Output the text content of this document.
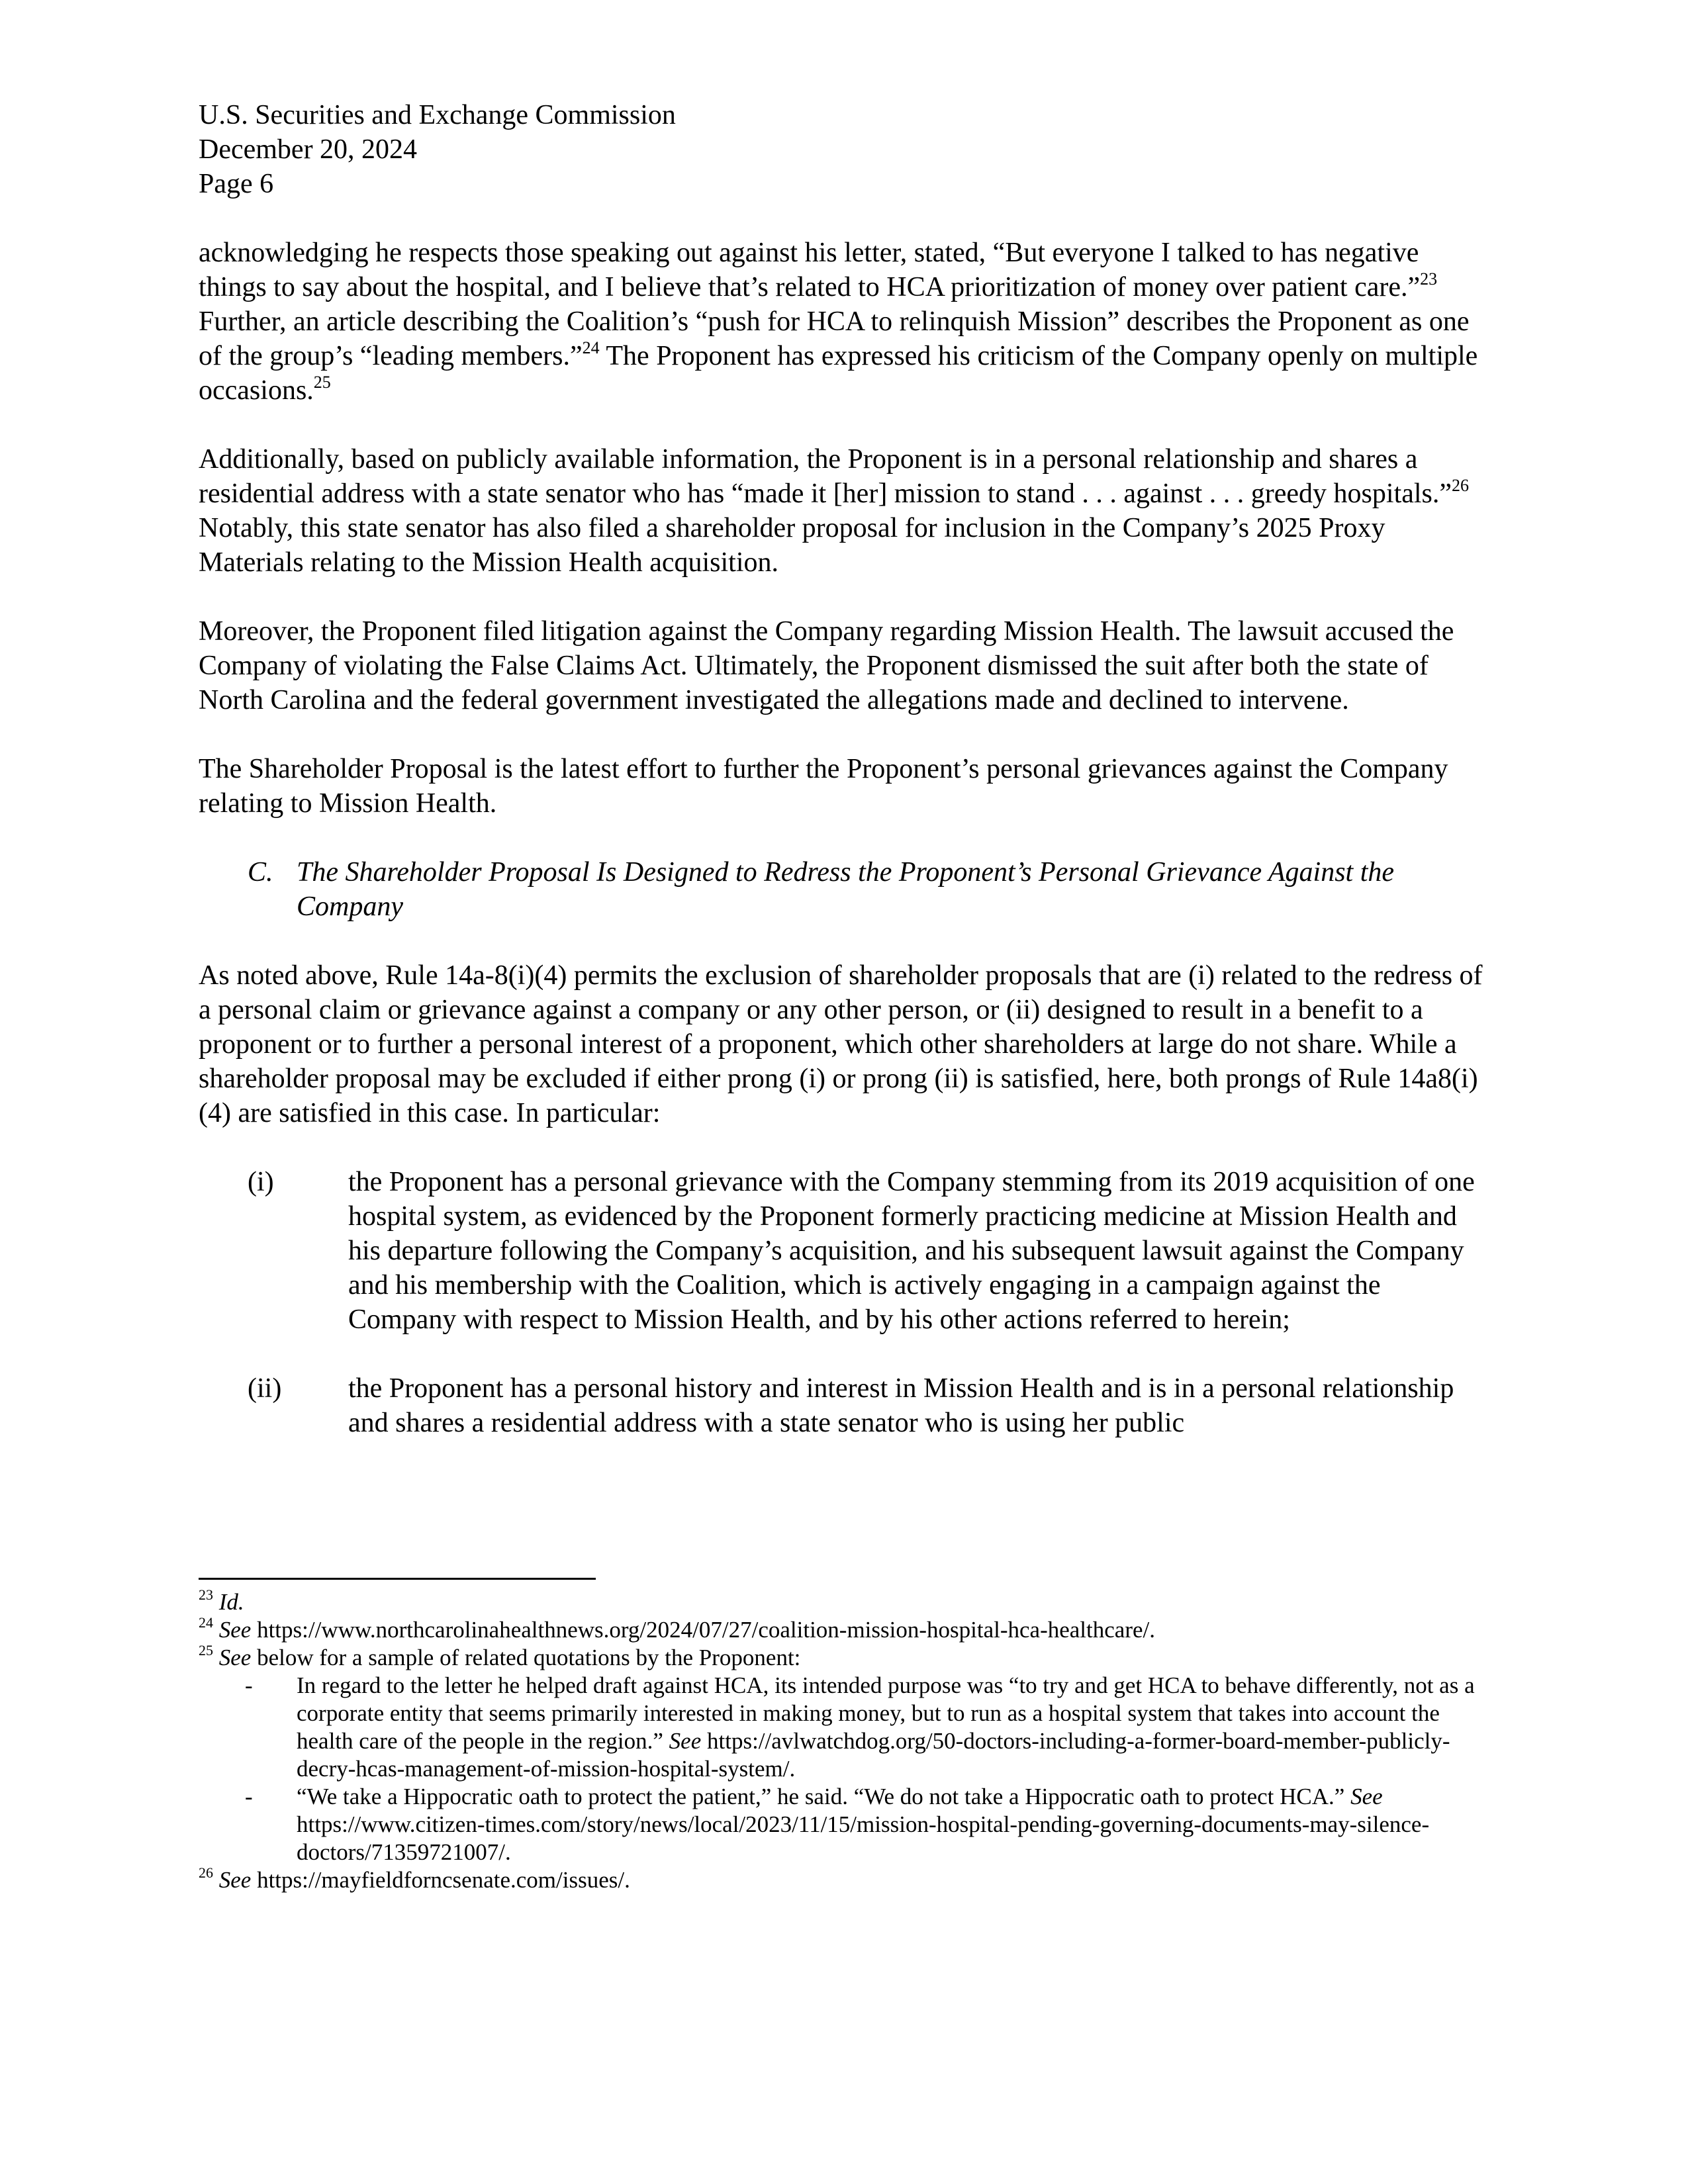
U.S. Securities and Exchange Commission
December 20, 2024
Page 6

acknowledging he respects those speaking out against his letter, stated, “But everyone I talked to has negative things to say about the hospital, and I believe that’s related to HCA prioritization of money over patient care.”$^{23}$ Further, an article describing the Coalition’s “push for HCA to relinquish Mission” describes the Proponent as one of the group’s “leading members.”$^{24}$ The Proponent has expressed his criticism of the Company openly on multiple occasions.$^{25}$

Additionally, based on publicly available information, the Proponent is in a personal relationship and shares a residential address with a state senator who has “made it [her] mission to stand . . . against . . . greedy hospitals.”$^{26}$ Notably, this state senator has also filed a shareholder proposal for inclusion in the Company’s 2025 Proxy Materials relating to the Mission Health acquisition.

Moreover, the Proponent filed litigation against the Company regarding Mission Health. The lawsuit accused the Company of violating the False Claims Act. Ultimately, the Proponent dismissed the suit after both the state of North Carolina and the federal government investigated the allegations made and declined to intervene.

The Shareholder Proposal is the latest effort to further the Proponent’s personal grievances against the Company relating to Mission Health.

C. The Shareholder Proposal Is Designed to Redress the Proponent’s Personal Grievance Against the Company

As noted above, Rule 14a-8(i)(4) permits the exclusion of shareholder proposals that are (i) related to the redress of a personal claim or grievance against a company or any other person, or (ii) designed to result in a benefit to a proponent or to further a personal interest of a proponent, which other shareholders at large do not share. While a shareholder proposal may be excluded if either prong (i) or prong (ii) is satisfied, here, both prongs of Rule 14a8(i)(4) are satisfied in this case. In particular:

(i)	the Proponent has a personal grievance with the Company stemming from its 2019 acquisition of one hospital system, as evidenced by the Proponent formerly practicing medicine at Mission Health and his departure following the Company’s acquisition, and his subsequent lawsuit against the Company and his membership with the Coalition, which is actively engaging in a campaign against the Company with respect to Mission Health, and by his other actions referred to herein;
(ii)	the Proponent has a personal history and interest in Mission Health and is in a personal relationship and shares a residential address with a state senator who is using her public

$^{23}$ Id.

$^{24}$ See https://www.northcarolinahealthnews.org/2024/07/27/coalition-mission-hospital-hca-healthcare/.

$^{25}$ See below for a sample of related quotations by the Proponent:

-	In regard to the letter he helped draft against HCA, its intended purpose was “to try and get HCA to behave differently, not as a corporate entity that seems primarily interested in making money, but to run as a hospital system that takes into account the health care of the people in the region.” See https://avlwatchdog.org/50-doctors-including-a-former-board-member-publicly-decry-hcas-management-of-mission-hospital-system/.
-	“We take a Hippocratic oath to protect the patient,” he said. “We do not take a Hippocratic oath to protect HCA.” See https://www.citizen-times.com/story/news/local/2023/11/15/mission-hospital-pending-governing-documents-may-silence-doctors/71359721007/.

$^{26}$ See https://mayfieldforncsenate.com/issues/.
